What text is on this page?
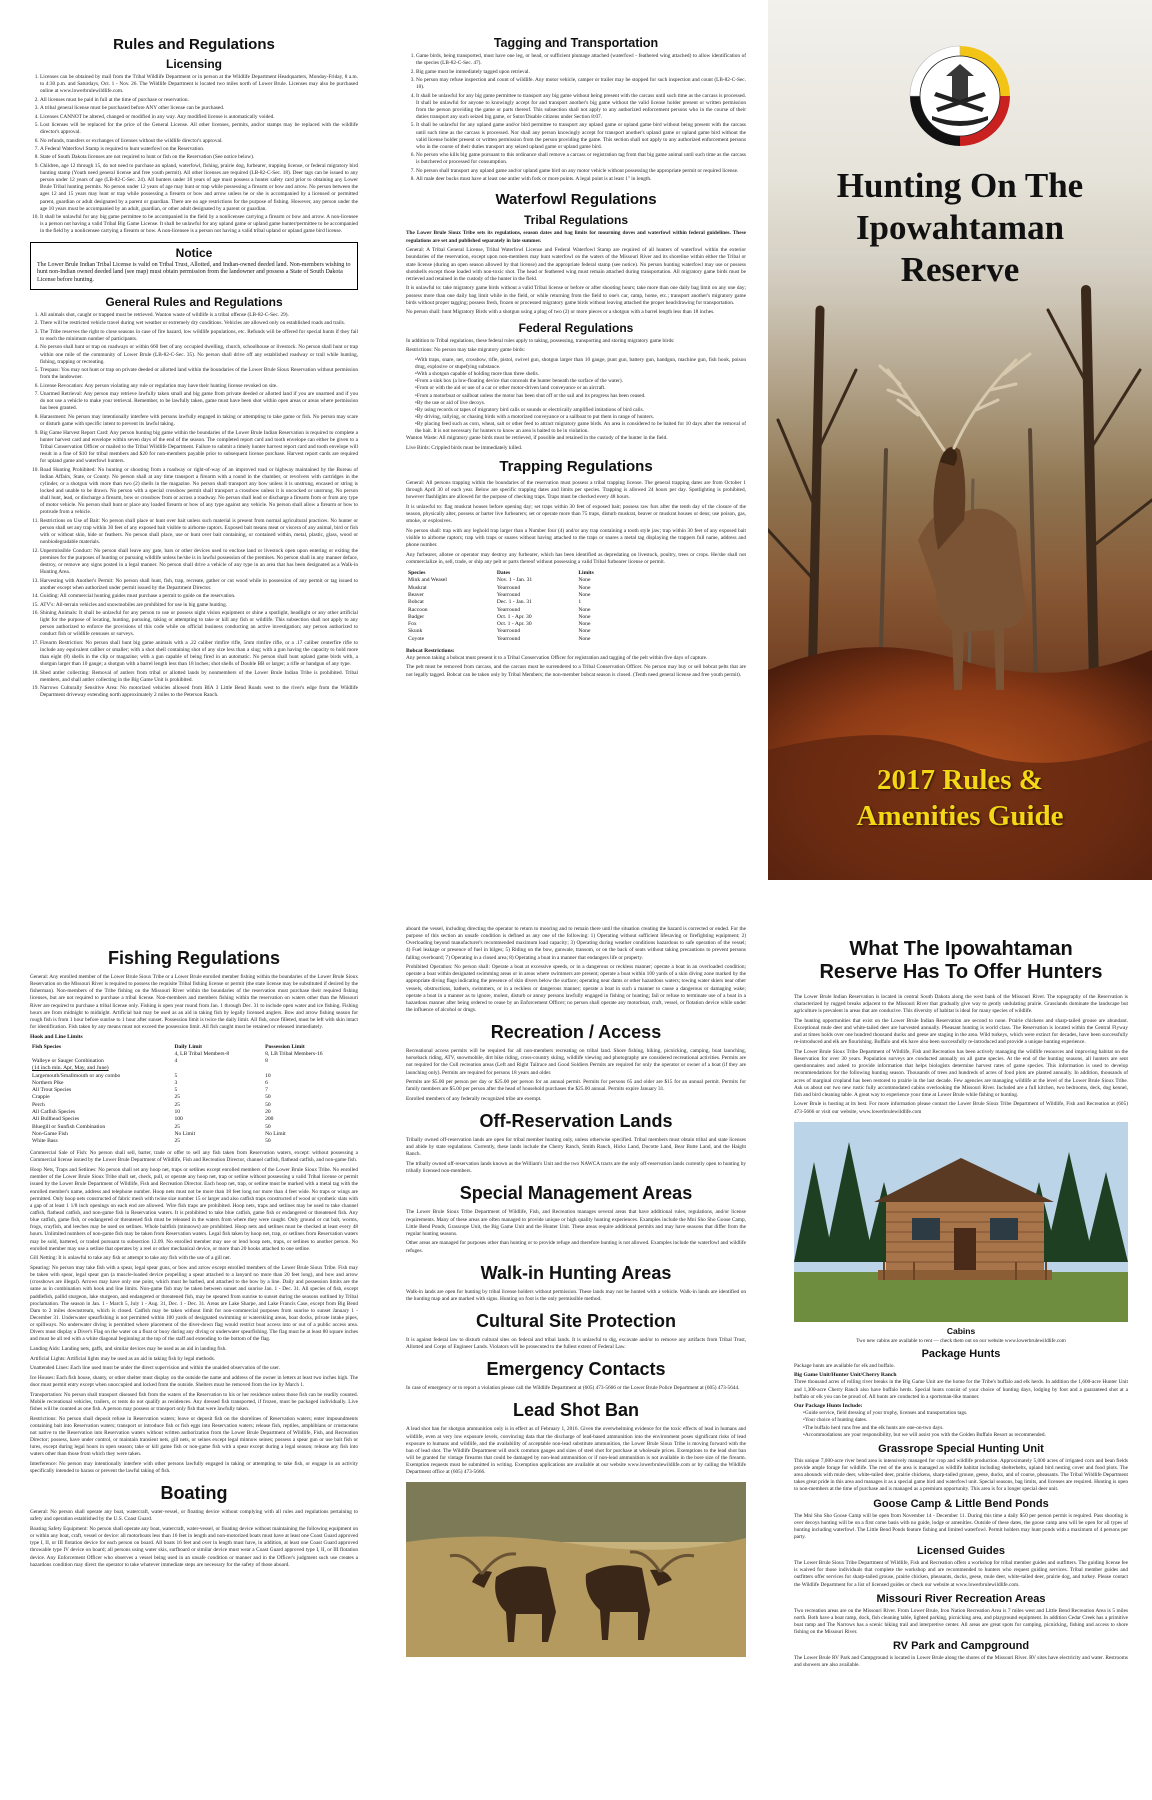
Rules and Regulations
Licensing
1. Licenses can be obtained by mail from the Tribal Wildlife Department or in person at the Wildlife Department Headquarters, Monday-Friday, 8 a.m. to 4:30 p.m. and Saturdays, Oct. 1 - Nov. 26. The Wildlife Department is located two miles north of Lower Brule. Licenses may also be purchased online at www.lowerbrulewildlife.com.
2. All licenses must be paid in full at the time of purchase or reservation.
3. A tribal general license must be purchased before ANY other license can be purchased.
4. Licenses CANNOT be altered, changed or modified in any way. Any modified license is automatically voided.
5. Lost licenses will be replaced for the price of the General License. All other licenses, permits, and/or stamps may be replaced with the wildlife director's approval.
6. No refunds, transfers or exchanges of licenses without the wildlife director's approval.
7. A Federal Waterfowl Stamp is required to hunt waterfowl on the Reservation.
8. State of South Dakota licenses are not required to hunt or fish on the Reservation (See notice below).
9. Children, age 12 through 15, do not need to purchase an upland, waterfowl, fishing, prairie dog, furbearer, trapping license, or federal migratory bird hunting stamp (Youth need general license and free youth permit). All other licenses are required (LB-82-C-Sec. 18). Deer tags can be issued to any person under 12 years of age (LB-82-C-Sec. 24). All hunters under 18 years of age must possess a hunter safety card prior to obtaining any Lower Brule Tribal hunting permits. No person under 12 years of age may hunt or trap while possessing a firearm or bow and arrow. No person between the ages 12 and 15 years may hunt or trap while possessing a firearm or bow and arrow unless he or she is accompanied by a licensed or permitted parent, guardian or adult designated by a parent or guardian. There are no age restrictions for the purpose of fishing. However, any person under the age 10 years must be accompanied by an adult, guardian, or other adult designated by a parent or guardian.
10. It shall be unlawful for any big game permittee to be accompanied in the field by a nonlicensee carrying a firearm or bow and arrow. A non-licensee is a person not having a valid Tribal Big Game License. It shall be unlawful for any upland game or upland game hunter/permittee to be accompanied in the field by a nonlicensee carrying a firearm or bow. A non-licensee is a person not having a valid tribal upland or upland game bird license.
Notice

The Lower Brule Indian Tribal License is valid on Tribal Trust, Allotted, and Indian-owned deeded land. Non-members wishing to hunt non-Indian owned deeded land (see map) must obtain permission from the landowner and possess a State of South Dakota License before hunting.

General Rules and Regulations
1. All animals shot, caught or trapped must be retrieved. Wanton waste of wildlife is a tribal offense (LB-82-C-Sec. 29).
2. There will be restricted vehicle travel during wet weather or extremely dry conditions. Vehicles are allowed only on established roads and trails.
3. The Tribe reserves the right to close seasons in case of fire hazard, low wildlife populations, etc. Refunds will be offered for special hunts if they fail to reach the minimum number of participants.
4. No person shall hunt or trap on roadways or within 660 feet of any occupied dwelling, church, schoolhouse or livestock. No person shall hunt or trap within one mile of the community of Lower Brule (LB-82-C-Sec. 35). No person shall drive off any established roadway or trail while hunting, fishing, trapping or recreating.
5. Trespass: You may not hunt or trap on private deeded or allotted land within the boundaries of the Lower Brule Sioux Reservation without permission from the landowner.
6. License Revocation: Any person violating any rule or regulation may have their hunting license revoked on site.
7. Unarmed Retrieval: Any person may retrieve lawfully taken small and big game from private deeded or allotted land if you are unarmed and if you do not use a vehicle to make your retrieval. Remember, to be lawfully taken, game must have been shot within open areas or areas where permission has been granted.
8. Harassment: No person may intentionally interfere with persons lawfully engaged in taking or attempting to take game or fish. No person may scare or disturb game with specific intent to prevent its lawful taking.
9. Big Game Harvest Report Card: Any person hunting big game within the boundaries of the Lower Brule Indian Reservation is required to complete a hunter harvest card and envelope within seven days of the end of the season. The completed report card and tooth envelope can either be given to a Tribal Conservation Officer or mailed to the Tribal Wildlife Department. Failure to submit a timely hunter harvest report card and tooth envelope will result in a fine of $10 for tribal members and $20 for non-members payable prior to subsequent license purchase. Harvest report cards are required for upland game and waterfowl hunters.
10. Road Hunting Prohibited: No hunting or shooting from a roadway or right-of-way of an improved road or highway maintained by the Bureau of Indian Affairs, State, or County. No person shall at any time transport a firearm with a round in the chamber, or revolvers with cartridges in the cylinder, or a shotgun with more than two (2) shells in the magazine. No person shall transport any bow unless it is unstrung, encased or string is locked and unable to be drawn. No person with a special crossbow permit shall transport a crossbow unless it is uncocked or unstrung. No person shall hunt, lead, or discharge a firearm, bow or crossbow from or across a roadway. No person shall lead or discharge a firearm from or from any type of motor vehicle. No person shall hunt or place any loaded firearm or bow of any type against any vehicle. No person shall allow a firearm or bow to protrude from a vehicle.
11. Restrictions on Use of Bait: No person shall place or hunt over bait unless such material is present from normal agricultural practices. No hunter or person shall set any trap within 30 feet of any exposed bait visible to airborne raptors. Exposed bait means meat or viscera of any animal, bird or fish with or without skin, hide or feathers. No person shall place, use or hunt over bait containing, or contained within, metal, plastic, glass, wood or nonbiodegradable materials.
12. Unpermissible Conduct: No person shall leave any gate, bars or other devices used to enclose land or livestock open upon entering or exiting the premises for the purposes of hunting or pursuing wildlife unless he/she is in lawful possession of the premises. No person shall in any manner deface, destroy, or remove any signs posted in a legal manner. No person shall drive a vehicle of any type in an area that has been designated as a Walk-in Hunting Area.
13. Harvesting with Another's Permit: No person shall hunt, fish, trap, recreate, gather or cut wood while in possession of any permit or tag issued to another except when authorized under permit issued by the Department Director.
14. Guiding: All commercial hunting guides must purchase a permit to guide on the reservation.
15. ATV's: All-terrain vehicles and snowmobiles are prohibited for use in big game hunting.
16. Shining Animals: It shall be unlawful for any person to use or possess night vision equipment or shine a spotlight, headlight or any other artificial light for the purpose of locating, hunting, pursuing, taking or attempting to take or kill any fish or wildlife. This subsection shall not apply to any person authorized to enforce the provisions of this code while on official business conducting an active investigation; any person authorized to conduct fish or wildlife censuses or surveys.
17. Firearm Restriction: No person shall hunt big game animals with a .22 caliber rimfire rifle, 5mm rimfire rifle, or a .17 caliber centerfire rifle to include any equivalent caliber or smaller; with a shot shell containing shot of any size less than a slug; with a gun having the capacity to hold more than eight (8) shells in the clip or magazine; with a gun capable of being fired in an automatic. No person shall hunt upland game birds with, a shotgun larger than 10 gauge; a shotgun with a barrel length less than 18 inches; shot shells of Double BB or larger; a rifle or handgun of any type.
18. Shed antler collecting: Removal of antlers from tribal or allotted lands by nonmembers of the Lower Brule Indian Tribe is prohibited. Tribal members, and shall antler collecting in the Big Game Unit is prohibited.
19. Narrows Culturally Sensitive Area: No motorized vehicles allowed from BIA 3 Little Bend Roads west to the river's edge from the Wildlife Department driveway extending north approximately 2 miles to the Peterson Ranch.
Tagging and Transportation
1. Game birds, being transported, must have one leg, or head, or sufficient plumage attached (waterfowl - feathered wing attached) to allow identification of the species (LB-82-C-Sec. 47).
2. Big game must be immediately tagged upon retrieval.
3. No person may refuse inspection and count of wildlife. Any motor vehicle, camper or trailer may be stopped for such inspection and count (LB-82-C-Sec. 10).
4. It shall be unlawful for any big game permittee to transport any big game without being present with the carcass until such time as the carcass is processed. It shall be unlawful for anyone to knowingly accept for and transport another's big game without the valid license holder present or written permission from the person providing the game or parts thereof. This subsection shall not apply to any authorized enforcement persons who in the course of their duties transport any such seized big game, or Sutor/Disable citizens under Section 8:07.
5. It shall be unlawful for any upland game and/or bird permittee to transport any upland game or upland game bird without being present with the carcass until such time as the carcass is processed. Nor shall any person knowingly accept for transport another's upland game or upland game bird without the valid license holder present or written permission from the person providing the game. This section shall not apply to any authorized enforcement persons who in the course of their duties transport any seized upland game or upland game bird.
6. No person who kills big game pursuant to this ordinance shall remove a carcass or registration tag from that big game animal until such time as the carcass is butchered or processed for consumption.
7. No person shall transport any upland game and/or upland game bird on any motor vehicle without possessing the appropriate permit or required license.
8. All male deer bucks must have at least one antler with fork or more points. A legal point is at least 1" in length.
Waterfowl Regulations
Tribal Regulations

The Lower Brule Sioux Tribe sets its regulations, season dates and bag limits for mourning doves and waterfowl within federal guidelines. These regulations are set and published separately in late summer.

General: A Tribal General License, Tribal Waterfowl License and Federal Waterfowl Stamp are required of all hunters of waterfowl within the exterior boundaries of the reservation, except upon non-members may hunt waterfowl on the waters of the Missouri River and its shoreline within either the Tribal or state license (during an open season allowed by that license) and the appropriate federal stamp (see notice). No person hunting waterfowl may use or possess shotshells except those loaded with non-toxic shot. The head or feathered wing must remain attached during transportation. All migratory game birds must be retrieved and retained in the custody of the hunter in the field.

It is unlawful to: take migratory game birds without a valid Tribal license or before or after shooting hours; take more than one daily bag limit on any one day; possess more than one daily bag limit while in the field, or while returning from the field to one's car, camp, home, etc.; transport another's migratory game birds without proper tagging; possess fresh, frozen or processed migratory game birds without leaving attached the proper head/drawing for transportation.

No person shall: hunt Migratory Birds with a shotgun using a plug of two (2) or more pieces or a shotgun with a barrel length less than 18 inches.

Federal Regulations

In addition to Tribal regulations, these federal rules apply to taking, possessing, transporting and storing migratory game birds:

Restrictions: No person may take migratory game birds:

• With traps, snare, net, crossbow, rifle, pistol, swivel gun, shotgun larger than 10 gauge, punt gun, battery gun, handgun, machine gun, fish hook, poison drug, explosive or stupefying substance.
• With a shotgun capable of holding more than three shells.
• From a sink box (a low-floating device that conceals the hunter beneath the surface of the water).
• From or with the aid or use of a car or other motor-driven land conveyance or an aircraft.
• From a motorboat or sailboat unless the motor has been shut off or the sail and its progress has been ceased.
• By the use or aid of live decoys.
• By using records or tapes of migratory bird calls or sounds or electrically amplified imitations of bird calls.
• By driving, rallying, or chasing birds with a motorized conveyance or a sailboat to put them in range of hunters.
• By placing feed such as corn, wheat, salt or other feed to attract migratory game birds. An area is considered to be baited for 10 days after the removal of the bait. It is not necessary for hunters to know an area is baited to be in violation.

Wanton Waste: All migratory game birds must be retrieved, if possible and retained in the custody of the hunter in the field.

Live Birds: Crippled birds must be immediately killed.

Trapping Regulations

General: All persons trapping within the boundaries of the reservation must possess a tribal trapping license. The general trapping dates are from October 1 through April 30 of each year. Below are specific trapping dates and limits per species. Trapping is allowed 24 hours per day. Spotlighting is prohibited, however flashlights are allowed for the purpose of checking traps. Traps must be checked every 48 hours.

It is unlawful to: flag muskrat houses before opening day; set traps within 30 feet of exposed bait; possess raw furs after the tenth day of the closure of the season, physically alter, possess or barter live furbearers; set or operate more than 75 traps, disturb muskrat, beaver or muskrat houses or dens; use poison, gas, smoke, or explosives.

No person shall: trap with any leghold trap larger than a Number four (4) and/or any trap containing a tooth style jaw; trap within 30 feet of any exposed bait visible to airborne raptors; trap with traps or snares without having attached to the traps or snares a metal tag displaying the trappers full name, address and phone number.

Any furbearer, allotee or operator may destroy any furbearer, which has been identified as depredating on livestock, poultry, trees or crops. He/she shall not commercialize in, sell, trade, or ship any pelt or parts thereof without possessing a valid Tribal furbearer license or permit.

Species	Dates	Limits
Mink and Weasel	Nov. 1 - Jan. 31	None
Muskrat	Yearround	None
Beaver	Yearround	None
Bobcat	Dec. 1 - Jan. 31	1
Raccoon	Yearround	None
Badger	Oct. 1 - Apr. 30	None
Fox	Oct. 1 - Apr. 30	None
Skunk	Yearround	None
Coyote	Yearround	None
Bobcat Restrictions:

Any person taking a bobcat must present it to a Tribal Conservation Officer for registration and tagging of the pelt within five days of capture.

The pelt must be removed from carcass, and the carcass must be surrendered to a Tribal Conservation Officer. No person may buy or sell bobcat pelts that are not legally tagged. Bobcat can be taken only by Tribal Members; the non-member bobcat season is closed. (Tenth need general license and free youth permit).

Hunting On The
Ipowahtaman
Reserve
2017 Rules &
Amenities Guide
Fishing Regulations

General: Any enrolled member of the Lower Brule Sioux Tribe or a Lower Brule enrolled member fishing within the boundaries of the Lower Brule Sioux Reservation on the Missouri River is required to possess the requisite Tribal fishing license or permit (the state license may be substituted if desired by the fisherman). Non-members of the Tribe fishing on the Missouri River within the boundaries of the reservation must purchase their required fishing licenses, but are not required to purchase a tribal license. Non-members and members fishing within the reservation on waters other than the Missouri River are required to purchase a tribal license only. Fishing is open year round from Jan. 1 through Dec. 31 to include open water and ice fishing. Fishing hours are from midnight to midnight. Artificial bait may be used as an aid in taking fish by legally licensed anglers. Bow and arrow fishing season for rough fish is from 1 hour before sunrise to 1 hour after sunset. Possession limit is twice the daily limit. All fish, once filleted, must be left with skin intact for identification. Fish taken by any means must not exceed the possession limit. All fish caught must be retained or released immediately.

Hook and Line Limits
Fish Species	Daily Limit	Possession Limit
	4, LB Tribal Members-8	8, LB Tribal Members-16
Walleye or Sauger Combination	4	8
(14 inch min. Apr, May, and June)		
Largemouth/Smallmouth or any combo	5	10
Northern Pike	3	6
All Trout Species	5	7
Crappie	25	50
Perch	25	50
All Catfish Species	10	20
All Bullhead Species	100	200
Bluegill or Sunfish Combination	25	50
Non-Game Fish	No Limit	No Limit
White Bass	25	50

Commercial Sale of Fish: No person shall sell, barter, trade or offer to sell any fish taken from Reservation waters, except: without possessing a Commercial license issued by the Lower Brule Department of Wildlife, Fish and Recreation Director, channel catfish, flathead catfish, and non-game fish.

Hoop Nets, Traps and Setlines: No person shall set any hoop net, traps or setlines except enrolled members of the Lower Brule Sioux Tribe. No enrolled member of the Lower Brule Sioux Tribe shall set, check, pull, or operate any hoop net, trap or setline without possessing a valid Tribal license or permit issued by the Lower Brule Department of Wildlife, Fish and Recreation Director. Each hoop net, trap, or setline must be marked with a metal tag with the enrolled member's name, address and telephone number. Hoop nets must not be more than 18 feet long nor more than 4 feet wide. No traps or wings are permitted. Only hoop nets constructed of fabric mesh with twine size number 15 or larger and also catfish traps constructed of wood or synthetic slats with a gap of at least 1 1/8 inch openings on each end are allowed. Wire fish traps are prohibited. Hoop nets, traps and setlines may be used to take channel catfish, flathead catfish, and non-game fish in Reservation waters. It is prohibited to take blue catfish, game fish or endangered or threatened fish. Any blue catfish, game fish, or endangered or threatened fish must be released in the waters from where they were caught. Only ground or cut bait, worms, frogs, crayfish, and leeches may be used on setlines. Whole baitfish (minnows) are prohibited. Hoop nets and setlines must be checked at least every 48 hours. Unlimited numbers of non-game fish may be taken from Reservation waters. Legal fish taken by hoop net, trap, or setlines from Reservation waters may be sold, bartered, or traded pursuant to subsection 12.09. No enrolled member may use or lend hoop nets, traps, or setlines to another person. No enrolled member may use a setline that operates by a reel or other mechanical device, or more than 20 hooks attached to one setline.

Gill Netting: It is unlawful to take any fish or attempt to take any fish with the use of a gill net.

Spearing: No person may take fish with a spear, legal spear guns, or bow and arrow except enrolled members of the Lower Brule Sioux Tribe. Fish may be taken with spear, legal spear gun (a muscle-loaded device propelling a spear attached to a lanyard no more than 20 feet long), and bow and arrow (crossbows are illegal). Arrows may have only one point, which must be barbed, and attached to the bow by a line. Daily and possession limits are the same as in combination with hook and line limits. Non-game fish may be taken between sunset and sunrise Jan. 1 - Dec. 31. All species of fish, except paddlefish, pallid sturgeon, lake sturgeon, and endangered or threatened fish, may be speared from sunrise to sunset during the seasons outlined by Tribal proclamation. The season in Jan. 1 - March 5, July 1 - Aug. 31, Dec. 1 - Dec. 31. Areas are Lake Sharpe, and Lake Francis Case, except from Big Bend Dam to 2 miles downstream, which is closed. Catfish may be taken without limit for non-commercial purposes from sunrise to sunset January 1 - December 31. Underwater spearfishing is not permitted within 100 yards of designated swimming or waterskiing areas, boat docks, private intake pipes, or spillways. No underwater diving is permitted where placement of the diver-down flag would restrict boat access into or out of a public access area. Divers must display a Diver's Flag on the water on a float or buoy during any diving or underwater spearfishing. The flag must be at least 80 square inches and must be all red with a white diagonal beginning at the top of the staff and extending to the bottom of the flag.

Landing Aids: Landing nets, gaffs, and similar devices may be used as an aid in landing fish.

Artificial Lights: Artificial lights may be used as an aid in taking fish by legal methods.

Unattended Lines: Each line used must be under the direct supervision and within the unaided observation of the user.

Ice Houses: Each fish house, shanty, or other shelter must display on the outside the name and address of the owner in letters at least two inches high. The door must permit entry except when unoccupied and locked from the outside. Shelters must be removed from the ice by March 1.

Transportation: No person shall transport diseased fish from the waters of the Reservation to his or her residence unless those fish can be readily counted. Mobile recreational vehicles, trailers, or tents do not qualify as residences. Any dressed fish transported, if frozen, must be packaged individually. Live fishes will be counted as one fish. A person may possess or transport only fish that were lawfully taken.

Restrictions: No person shall deposit refuse in Reservation waters; leave or deposit fish on the shorelines of Reservation waters; enter impoundments containing bait into Reservation waters; transport or introduce fish or fish eggs into Reservation waters; release fish, reptiles, amphibians or crustaceans not native to the Reservation into Reservation waters without written authorization from the Lower Brule Department of Wildlife, Fish, and Recreation Director; possess, have under control, or maintain transient nets, gill nets, or seines except legal minnow seines; possess a spear gun or use bait fish or lures, except during legal hours in open season; take or kill game fish or non-game fish with a spear except during a legal season; release any fish into waters other than those from which they were taken.

Interference: No person may intentionally interfere with other persons lawfully engaged in taking or attempting to take fish, or engage in an activity specifically intended to harass or prevent the lawful taking of fish.

Boating

General: No person shall operate any boat, watercraft, water-vessel, or floating device without complying with all rules and regulations pertaining to safety and operation established by the U.S. Coast Guard.

Boating Safety Equipment: No person shall operate any boat, watercraft, water-vessel, or floating device without maintaining the following equipment on or within any boat, craft, vessel or device: all motorboats less than 16 feet in length and non-motorized boats must have at least one Coast Guard approved type I, II, or III flotation device for each person on board. All boats 16 feet and over in length must have, in addition, at least one Coast Guard approved throwable type IV device on board; all persons using water skis, surfboard or similar device must wear a Coast Guard approved type I, II, or III flotation device. Any Enforcement Officer who observes a vessel being used in an unsafe condition or manner and in the Officer's judgment such use creates a hazardous condition may direct the operator to take whatever immediate steps are necessary for the safety of those aboard.

aboard the vessel, including directing the operator to return to mooring and to remain there until the situation creating the hazard is corrected or ended. For the purpose of this section an unsafe condition is defined as any one of the following: 1) Operating without sufficient lifesaving or firefighting equipment; 2) Overloading beyond manufacturer's recommended maximum load capacity; 3) Operating during weather conditions hazardous to safe operation of the vessel; 4) Fuel leakage or presence of fuel in bilges; 5) Riding on the bow, gunwale, transom, or on the back of seats without taking precautions to prevent persons falling overboard; 7) Operating in a closed area; 8) Operating a boat in a manner that endangers life or property.

Prohibited Operation: No person shall: Operate a boat at excessive speeds, or in a dangerous or reckless manner; operate a boat in an overloaded condition; operate a boat within designated swimming areas or in areas where swimmers are present; operate a boat within 100 yards of a skin diving zone marked by the appropriate diving flags indicating the presence of skin divers below the surface; operating near dams or other hazardous waters; towing water skiers near other vessels, obstructions, bathers, swimmers, or in a reckless or dangerous manner; operate a boat in such a manner to cause a dangerous or damaging wake; operate a boat in a manner as to ignore, molest, disturb or annoy persons lawfully engaged in fishing or hunting; fail or refuse to terminate use of a boat in a hazardous manner after being ordered to cease by an Enforcement Officer; no person shall operate any motorboat, craft, vessel, or flotation device while under the influence of alcohol or drugs.

Recreation / Access

Recreational access permits will be required for all non-members recreating on tribal land. Shore fishing, hiking, picnicking, camping, boat launching, horseback riding, ATV, snowmobile, dirt bike riding, cross-country skiing, wildlife viewing and photography are considered recreational activities. Permits are not required for the Cull recreation areas (Left and Right Tailrace and Good Soldiers Permits are required for only the operator or owner of a boat (if they are launching only). Permits are required for persons 18 years and older.

Permits are $5.00 per person per day or $25.00 per person for an annual permit. Permits for persons 65 and older are $15 for an annual permit. Permits for family members are $5.00 per person after the head of household purchases the $25.00 annual. Permits expire January 31.

Enrolled members of any federally recognized tribe are exempt.

Off-Reservation Lands

Tribally owned off-reservation lands are open for tribal member hunting only, unless otherwise specified. Tribal members must obtain tribal and state licenses and abide by state regulations. Currently, these lands include the Cherry Ranch, Smith Ranch, Hicks Land, Ducotte Land, Bear Butte Land, and the Haight Ranch.

The tribally owned off-reservation lands known as the William's Unit and the two NAWCA tracts are the only off-reservation lands currently open to hunting by tribally licensed non-members.

Special Management Areas

The Lower Brule Sioux Tribe Department of Wildlife, Fish, and Recreation manages several areas that have additional rules, regulations, and/or license requirements. Many of these areas are often managed to provide unique or high quality hunting experiences. Examples include the Mni Sho Sho Goose Camp, Little Bend Ponds, Grassrope Unit, the Big Game Unit and the Hunter Unit. These areas require additional permits and may have seasons that differ from the regular hunting seasons.

Other areas are managed for purposes other than hunting or to provide refuge and therefore hunting is not allowed. Examples include the waterfowl and wildlife refuges.

Walk-in Hunting Areas

Walk-in lands are open for hunting by tribal license holders without permission. These lands may not be hunted with a vehicle. Walk-in lands are identified on the hunting map and are marked with signs. Hunting on foot is the only permissible method.

Cultural Site Protection

It is against federal law to disturb cultural sites on federal and tribal lands. It is unlawful to dig, excavate and/or to remove any artifacts from Tribal Trust, Allotted and Corps of Engineer Lands. Violators will be prosecuted to the fullest extent of Federal Law.

Emergency Contacts

In case of emergency or to report a violation please call the Wildlife Department at (605) 473-5666 or the Lower Brule Police Department at (605) 473-5644.

Lead Shot Ban

A lead shot ban for shotgun ammunition only is in effect as of February 1, 2016. Given the overwhelming evidence for the toxic effects of lead in humans and wildlife, even at very low exposure levels, convincing data that the discharge of lead-based ammunition into the environment poses significant risks of lead exposure to humans and wildlife, and the availability of acceptable non-lead substitute ammunition, the Lower Brule Sioux Tribe is moving forward with the ban of lead shot. The Wildlife Department will stock common gauges and sizes of steel shot for purchase at wholesale prices. Exemptions to the lead shot ban will be granted for vintage firearms that could be damaged by non-lead ammunition or if non-lead ammunition is not available in the bore size of the firearm. Exemption requests must be submitted in writing. Exemption applications are available at our website www.lowerbrulewildlife.com or by calling the Wildlife Department office at (605) 473-5666.

What The Ipowahtaman
Reserve Has To Offer Hunters

The Lower Brule Indian Reservation is located in central South Dakota along the west bank of the Missouri River. The topography of the Reservation is characterized by rugged breaks adjacent to the Missouri River that gradually give way to gently undulating prairie. Grasslands dominate the landscape but agriculture is prevalent in areas that are conducive. This diversity of habitat is ideal for many species of wildlife.

The hunting opportunities that exist on the Lower Brule Indian Reservation are second to none. Prairie chickens and sharp-tailed grouse are abundant. Exceptional mule deer and white-tailed deer are harvested annually. Pheasant hunting is world class. The Reservation is located within the Central Flyway and at times holds over one hundred thousand ducks and geese are staging in the area. Wild turkeys, which were extinct for decades, have been successfully re-introduced and elk are flourishing. Buffalo and elk have also been successfully re-introduced and provide a unique hunting experience.

The Lower Brule Sioux Tribe Department of Wildlife, Fish and Recreation has been actively managing the wildlife resources and improving habitat on the Reservation for over 30 years. Population surveys are conducted annually on all game species. At the end of the hunting seasons, all hunters are sent questionnaires and asked to provide information that helps biologists determine harvest rates of game species. This information is used to develop recommendations for the following hunting season. Thousands of trees and hundreds of acres of food plots are planted annually. In addition, thousands of acres of marginal cropland has been restored to prairie in the last decade. Few agencies are managing wildlife at the level of the Lower Brule Sioux Tribe. Ask us about our two new rustic fully accommodated cabins overlooking the Missouri River. Included are a full kitchen, two bedrooms, deck, dog kennel, fish and bird cleaning table. A great way to experience your time at Lower Brule while fishing or hunting.

Lower Brule is hosting at its best. For more information please contact the Lower Brule Sioux Tribe Department of Wildlife, Fish and Recreation at (605) 473-5666 or visit our website, www.lowerbrulewildlife.com

Cabins
Two new cabins are available to rent — check them out on our website www.lowerbrulewildlife.com
Package Hunts

Package hunts are available for elk and buffalo.

Big Game Unit/Hunter Unit/Cherry Ranch

Three thousand acres of rolling river breaks in the Big Game Unit are the home for the Tribe's buffalo and elk herds. In addition the 1,600-acre Hunter Unit and 1,300-acre Cherry Ranch also have buffalo herds. Special hunts consist of your choice of hunting days, lodging by foot and a guaranteed shot at a buffalo or elk you can be proud of. All hunts are conducted in a sportsman-like manner.

Our Package Hunts Include:
• Guide service, field dressing of your trophy, licenses and transportation tags.
• Your choice of hunting dates.
• The buffalo herd runs free and the elk hunts are one-on-two days.
• Accommodations are your responsibility, but we will assist you with the Golden Buffalo Resort as recommended.
Grassrope Special Hunting Unit

This unique 7,000-acre river bend area is intensively managed for crop and wildlife production. Approximately 5,000 acres of irrigated corn and bean fields provide ample forage for wildlife. The rest of the area is managed as wildlife habitat including shelterbelts, upland bird nesting cover and food plots. The area abounds with mule deer, white-tailed deer, prairie chickens, sharp-tailed grouse, geese, ducks, and of course, pheasants. The Tribal Wildlife Department takes great pride in this area and manages it as a special game bird and waterfowl unit. Special seasons, bag limits, and licenses are required. Hunting is open to non-members at the time of purchase and is managed as a premium opportunity. This area is for a longer special deer unit.

Goose Camp & Little Bend Ponds

The Mni Sho Sho Goose Camp will be open from November 14 - December 11. During this time a daily $50 per person permit is required. Pass shooting is over decoys hunting will be on a first come basis with no guide, lodge or amenities. Outside of these dates, the goose camp area will be open for all types of hunting including waterfowl. The Little Bend Ponds feature fishing and limited waterfowl. Permit holders may hunt ponds with a maximum of 4 persons per party.

Licensed Guides

The Lower Brule Sioux Tribe Department of Wildlife, Fish and Recreation offers a workshop for tribal member guides and outfitters. The guiding license fee is waived for those individuals that complete the workshop and are recommended to hunters who request guiding services. Tribal member guides and outfitters offer services for sharp-tailed grouse, prairie chicken, pheasants, ducks, geese, mule deer, white-tailed deer, prairie dog, and turkey. Please contact the Wildlife Department for a list of licensed guides or check our website at www.lowerbrulewildlife.com.

Missouri River Recreation Areas

Two recreation areas are on the Missouri River. From Lower Brule, Iron Nation Recreation Area is 7 miles west and Little Bend Recreation Area is 5 miles north. Both have a boat ramp, dock, fish cleaning table, lighted parking, picnicking area, and playground equipment. In addition Cedar Creek has a primitive boat ramp and The Narrows has a scenic hiking trail and interpretive center. All areas are great spots for camping, picnicking, fishing and access to shore fishing on the Missouri River.

RV Park and Campground

The Lower Brule RV Park and Campground is located in Lower Brule along the shores of the Missouri River. RV sites have electricity and water. Restrooms and showers are also available.
